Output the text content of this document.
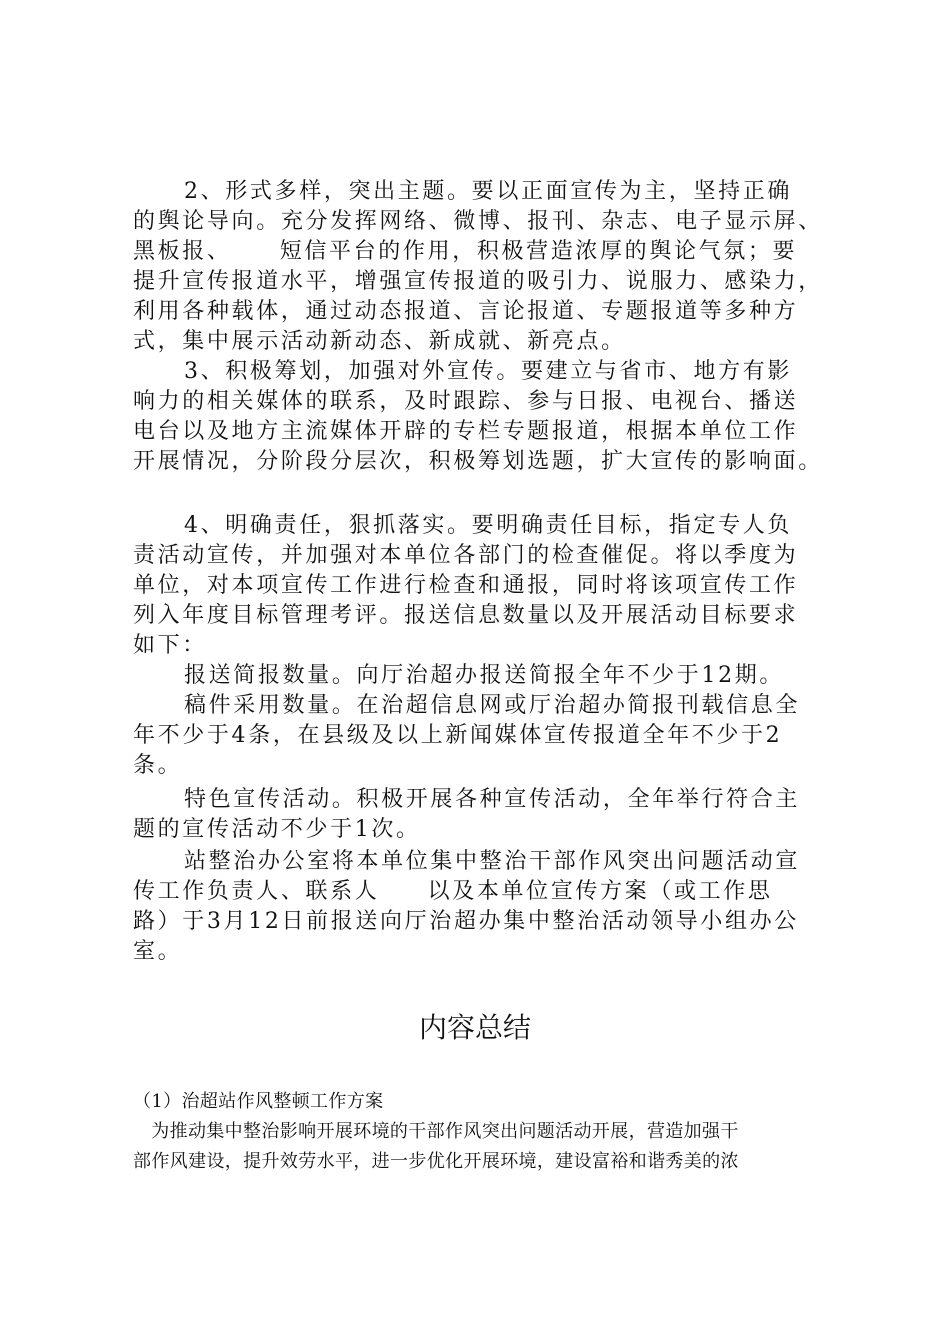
2、形式多样，突出主题。要以正面宣传为主，坚持正确
的舆论导向。充分发挥网络、微博、报刊、杂志、电子显示屏、
黑板报、     短信平台的作用，积极营造浓厚的舆论气氛；要
提升宣传报道水平，增强宣传报道的吸引力、说服力、感染力，
利用各种载体，通过动态报道、言论报道、专题报道等多种方
式，集中展示活动新动态、新成就、新亮点。
3、积极筹划，加强对外宣传。要建立与省市、地方有影
响力的相关媒体的联系，及时跟踪、参与日报、电视台、播送
电台以及地方主流媒体开辟的专栏专题报道，根据本单位工作
开展情况，分阶段分层次，积极筹划选题，扩大宣传的影响面。
4、明确责任，狠抓落实。要明确责任目标，指定专人负
责活动宣传，并加强对本单位各部门的检查催促。将以季度为
单位，对本项宣传工作进行检查和通报，同时将该项宣传工作
列入年度目标管理考评。报送信息数量以及开展活动目标要求
如下：
报送简报数量。向厅治超办报送简报全年不少于12期。
稿件采用数量。在治超信息网或厅治超办简报刊载信息全
年不少于4条，在县级及以上新闻媒体宣传报道全年不少于2
条。
特色宣传活动。积极开展各种宣传活动，全年举行符合主
题的宣传活动不少于1次。
站整治办公室将本单位集中整治干部作风突出问题活动宣
传工作负责人、联系人     以及本单位宣传方案（或工作思
路）于3月12日前报送向厅治超办集中整治活动领导小组办公
室。
内容总结
（1）治超站作风整顿工作方案
为推动集中整治影响开展环境的干部作风突出问题活动开展，营造加强干
部作风建设，提升效劳水平，进一步优化开展环境，建设富裕和谐秀美的浓
